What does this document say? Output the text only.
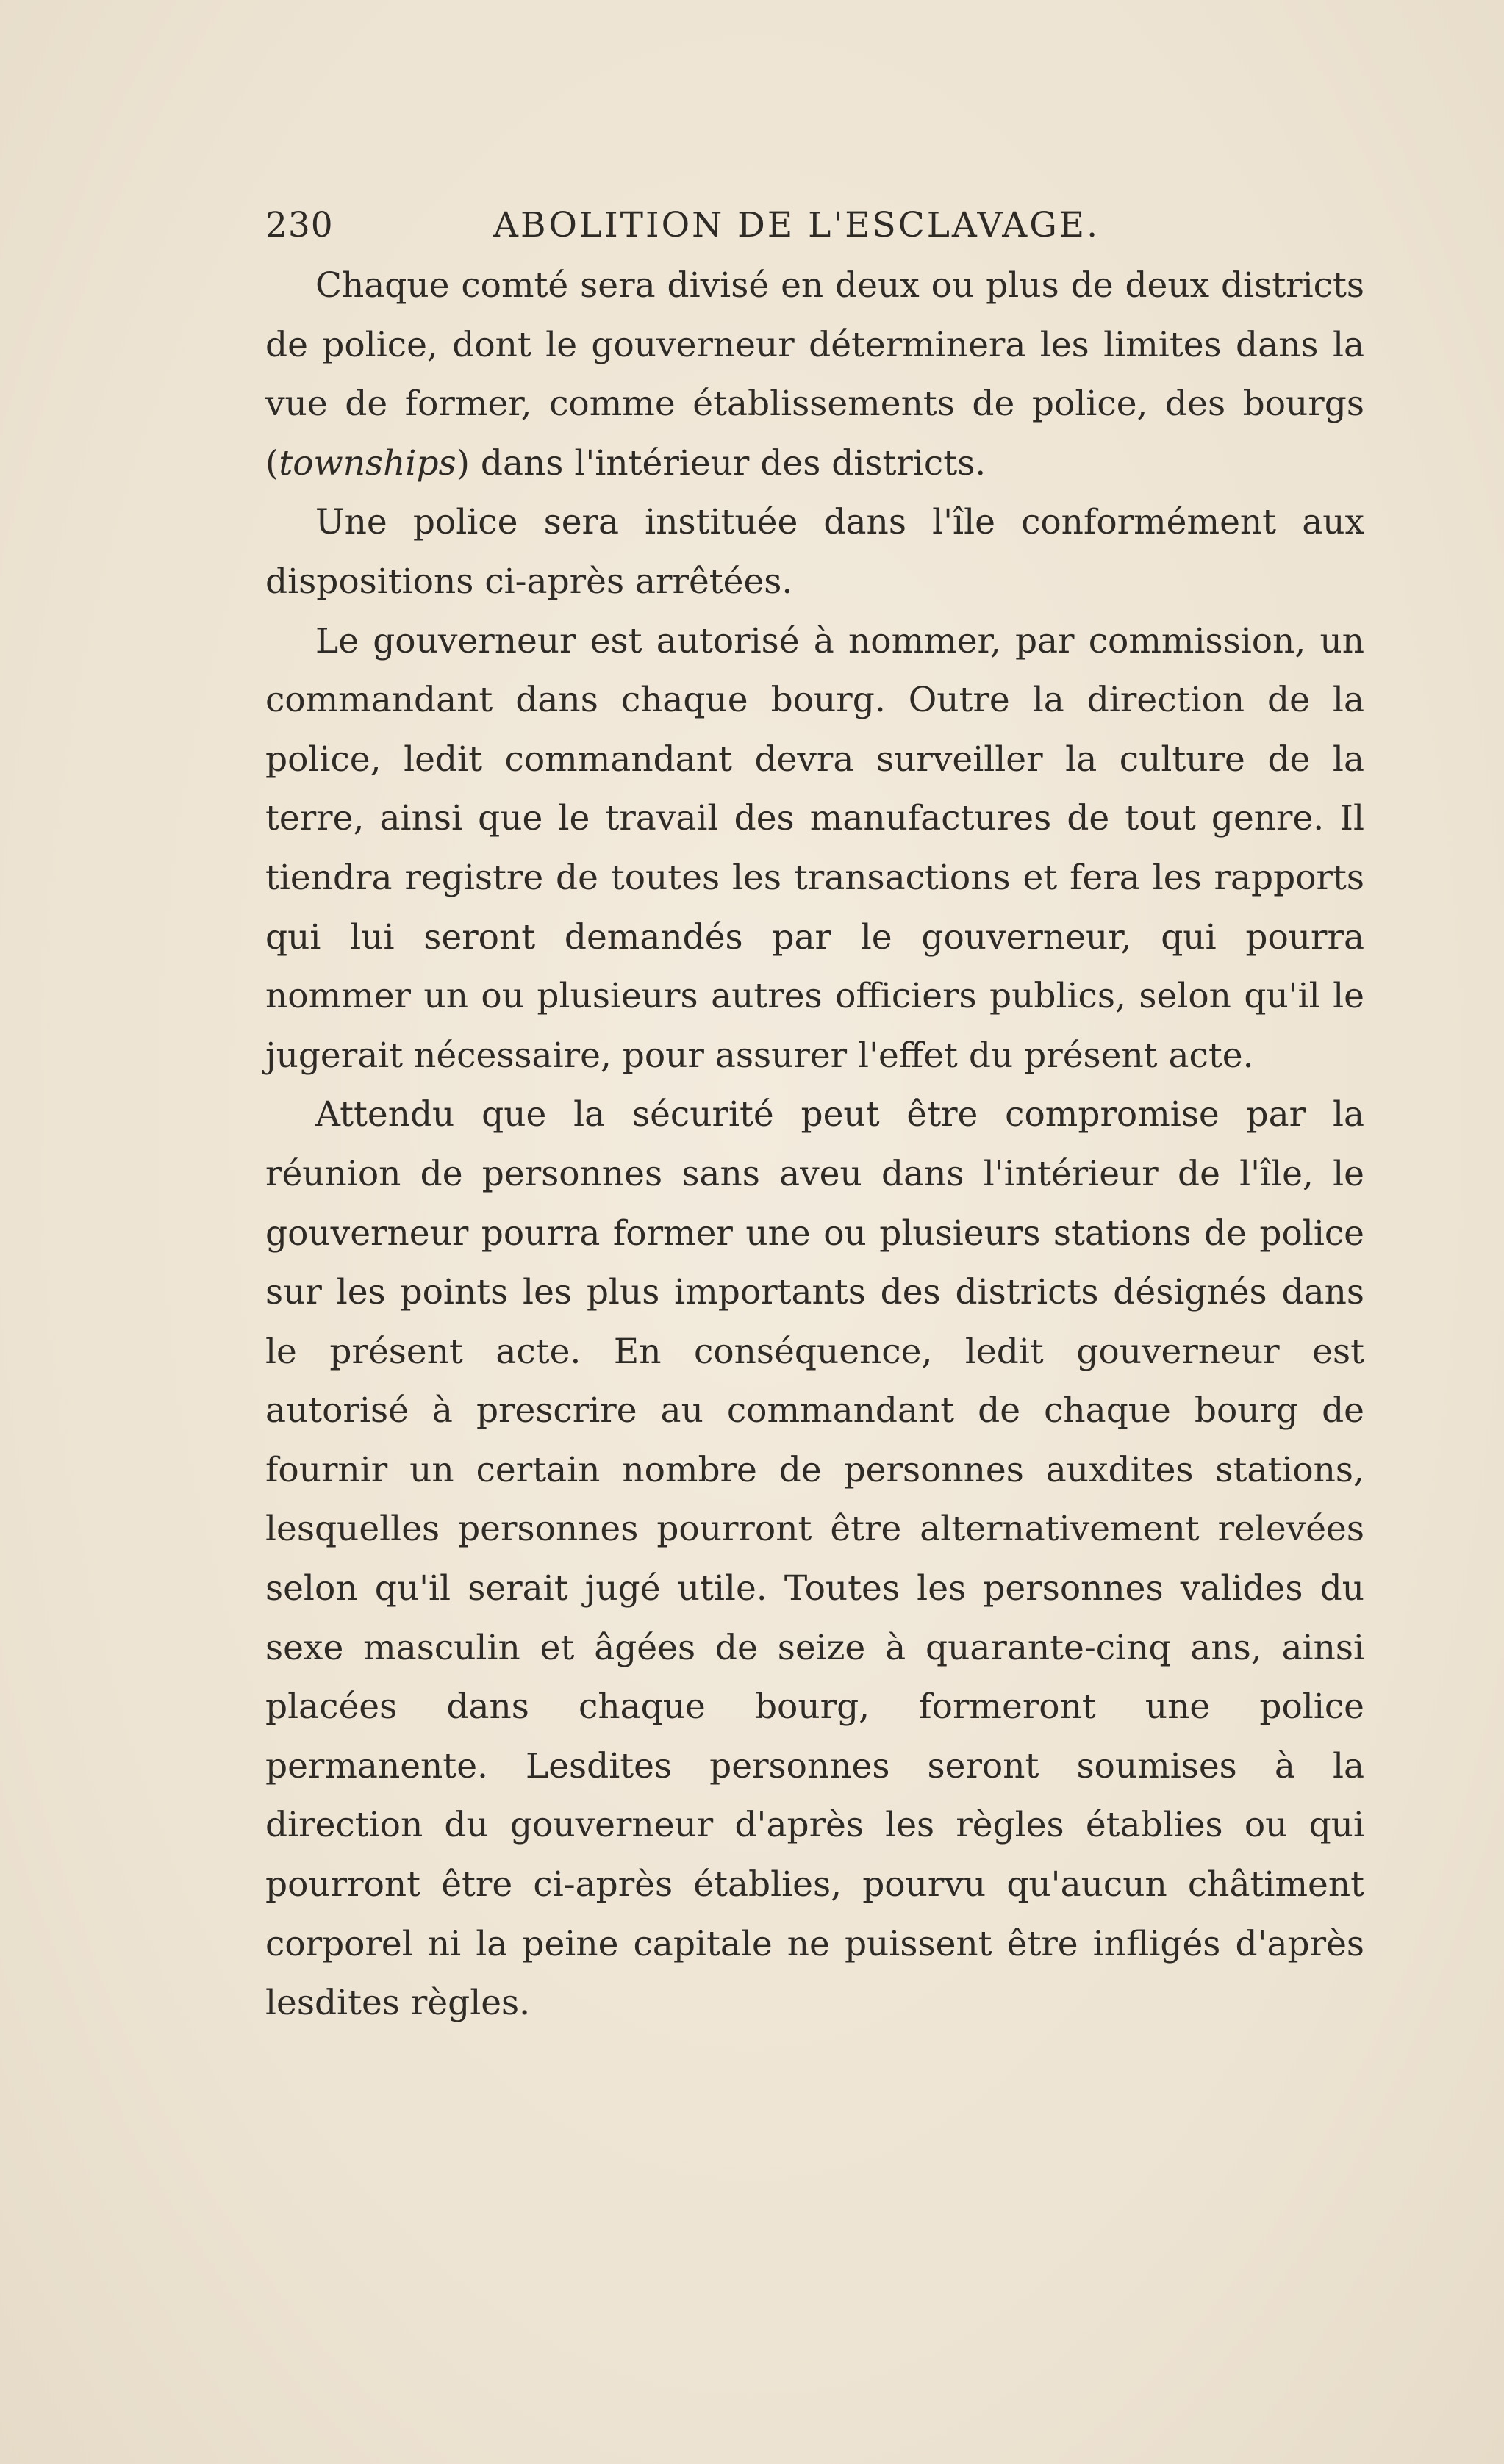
230	ABOLITION DE L'ESCLAVAGE.

Chaque comté sera divisé en deux ou plus de deux districts de police, dont le gouverneur déterminera les limites dans la vue de former, comme établissements de police, des bourgs (townships) dans l'intérieur des districts.

Une police sera instituée dans l'île conformément aux dispositions ci-après arrêtées.

Le gouverneur est autorisé à nommer, par commission, un commandant dans chaque bourg. Outre la direction de la police, ledit commandant devra surveiller la culture de la terre, ainsi que le travail des manufactures de tout genre. Il tiendra registre de toutes les transactions et fera les rapports qui lui seront demandés par le gouverneur, qui pourra nommer un ou plusieurs autres officiers publics, selon qu'il le jugerait nécessaire, pour assurer l'effet du présent acte.

Attendu que la sécurité peut être compromise par la réunion de personnes sans aveu dans l'intérieur de l'île, le gouverneur pourra former une ou plusieurs stations de police sur les points les plus importants des districts désignés dans le présent acte. En conséquence, ledit gouverneur est autorisé à prescrire au commandant de chaque bourg de fournir un certain nombre de personnes auxdites stations, lesquelles personnes pourront être alternativement relevées selon qu'il serait jugé utile. Toutes les personnes valides du sexe masculin et âgées de seize à quarante-cinq ans, ainsi placées dans chaque bourg, formeront une police permanente. Lesdites personnes seront soumises à la direction du gouverneur d'après les règles établies ou qui pourront être ci-après établies, pourvu qu'aucun châtiment corporel ni la peine capitale ne puissent être infligés d'après lesdites règles.
